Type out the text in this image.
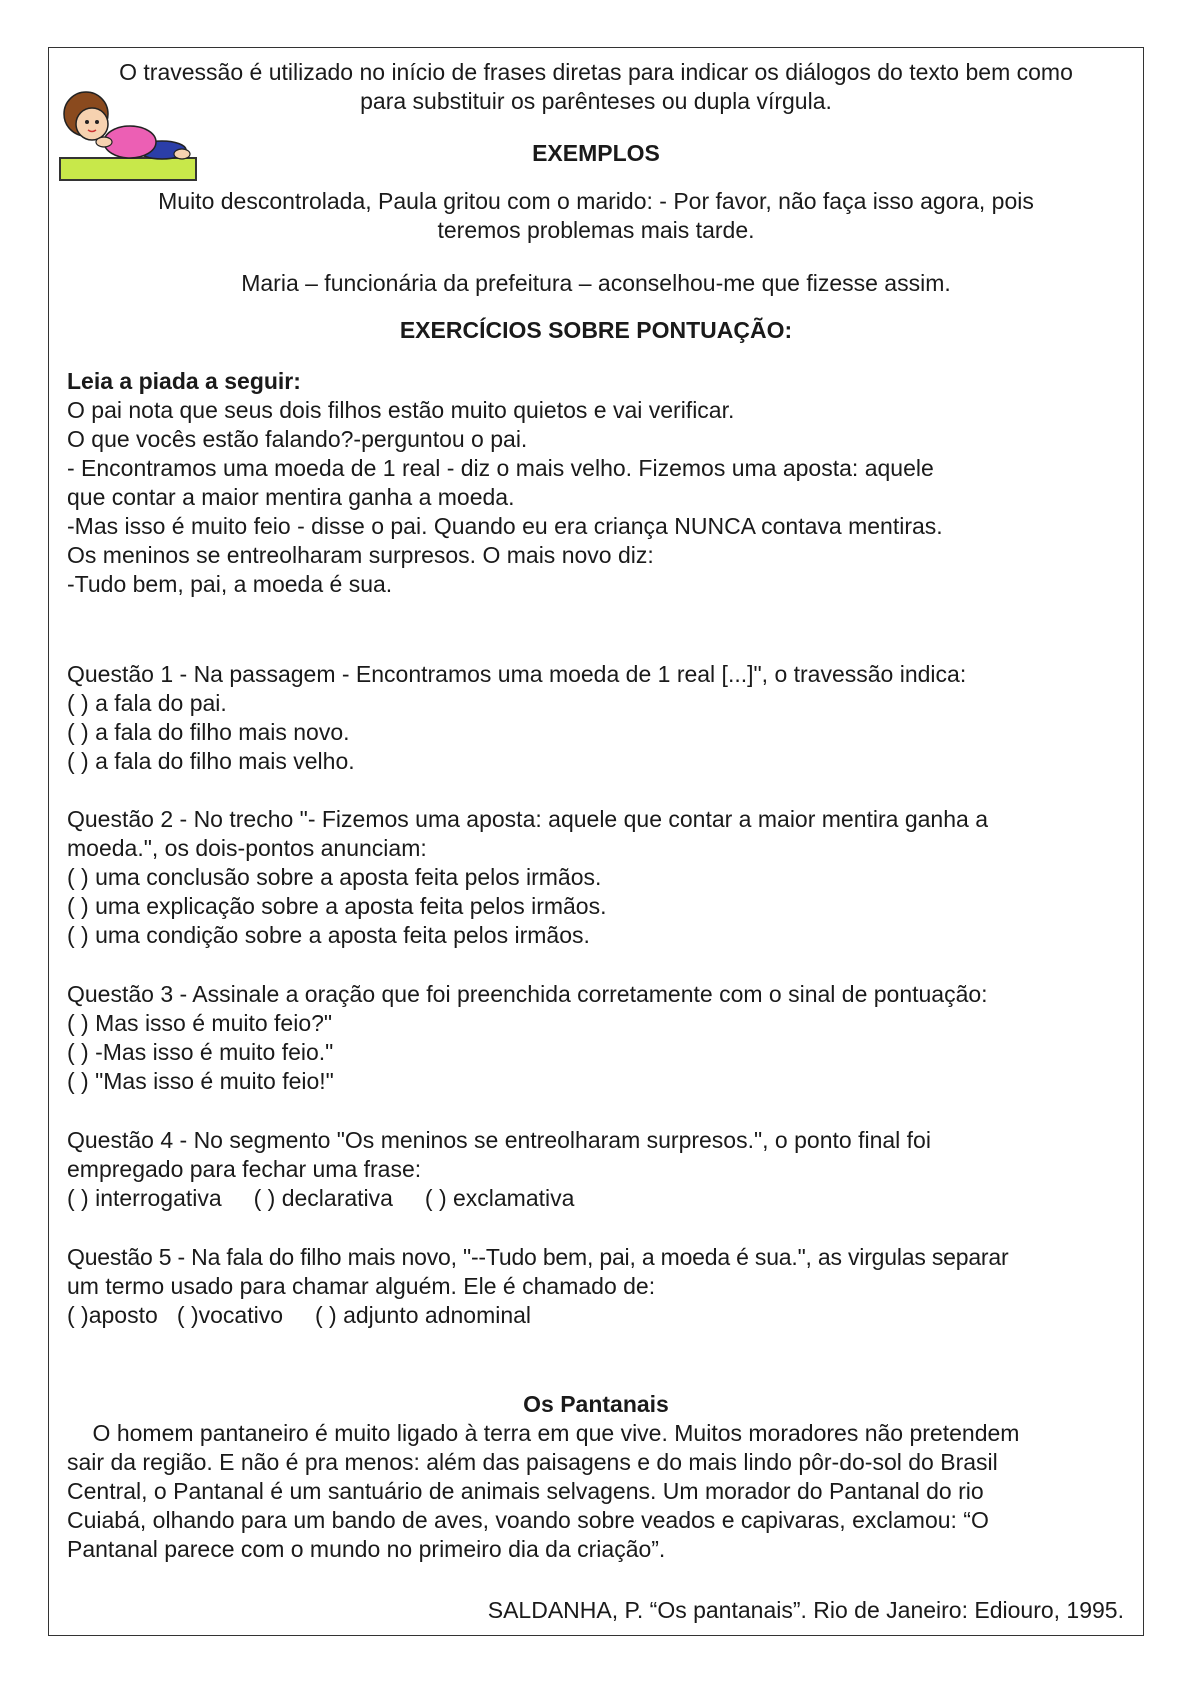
O travessão é utilizado no início de frases diretas para indicar os diálogos do texto bem como
para substituir os parênteses ou dupla vírgula.
EXEMPLOS
Muito descontrolada, Paula gritou com o marido: - Por favor, não faça isso agora, pois
teremos problemas mais tarde.
Maria – funcionária da prefeitura – aconselhou-me que fizesse assim.
EXERCÍCIOS SOBRE PONTUAÇÃO:
Leia a piada a seguir:
O pai nota que seus dois filhos estão muito quietos e vai verificar.
O que vocês estão falando?-perguntou o pai.
- Encontramos uma moeda de 1 real - diz o mais velho. Fizemos uma aposta: aquele
que contar a maior mentira ganha a moeda.
-Mas isso é muito feio - disse o pai. Quando eu era criança NUNCA contava mentiras.
Os meninos se entreolharam surpresos. O mais novo diz:
-Tudo bem, pai, a moeda é sua.
Questão 1 - Na passagem - Encontramos uma moeda de 1 real [...]", o travessão indica:
( ) a fala do pai.
( ) a fala do filho mais novo.
( ) a fala do filho mais velho.
Questão 2 - No trecho "- Fizemos uma aposta: aquele que contar a maior mentira ganha a
moeda.", os dois-pontos anunciam:
( ) uma conclusão sobre a aposta feita pelos irmãos.
( ) uma explicação sobre a aposta feita pelos irmãos.
( ) uma condição sobre a aposta feita pelos irmãos.
Questão 3 - Assinale a oração que foi preenchida corretamente com o sinal de pontuação:
( ) Mas isso é muito feio?"
( ) -Mas isso é muito feio."
( ) "Mas isso é muito feio!"
Questão 4 - No segmento "Os meninos se entreolharam surpresos.", o ponto final foi
empregado para fechar uma frase:
( ) interrogativa     ( ) declarativa     ( ) exclamativa
Questão 5 - Na fala do filho mais novo, "--Tudo bem, pai, a moeda é sua.", as virgulas separar
um termo usado para chamar alguém. Ele é chamado de:
( )aposto   ( )vocativo     ( ) adjunto adnominal
Os Pantanais
O homem pantaneiro é muito ligado à terra em que vive. Muitos moradores não pretendem
sair da região. E não é pra menos: além das paisagens e do mais lindo pôr-do-sol do Brasil
Central, o Pantanal é um santuário de animais selvagens. Um morador do Pantanal do rio
Cuiabá, olhando para um bando de aves, voando sobre veados e capivaras, exclamou: “O
Pantanal parece com o mundo no primeiro dia da criação”.
SALDANHA, P. “Os pantanais”. Rio de Janeiro: Ediouro, 1995.
